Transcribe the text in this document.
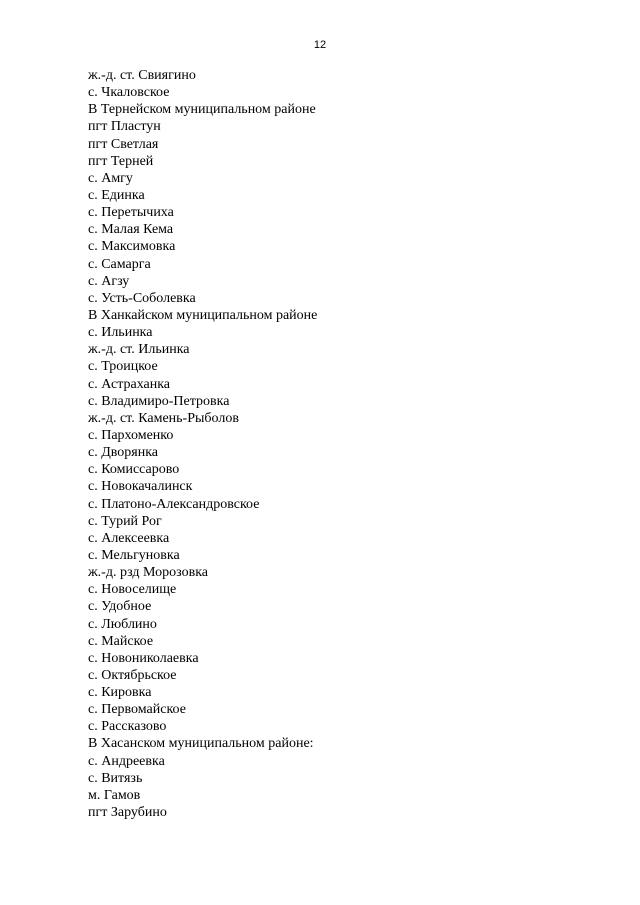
12
ж.-д. ст. Свиягино
с. Чкаловское
В Тернейском муниципальном районе
пгт Пластун
пгт Светлая
пгт Терней
с. Амгу
с. Единка
с. Перетычиха
с. Малая Кема
с. Максимовка
с. Самарга
с. Агзу
с. Усть-Соболевка
В Ханкайском муниципальном районе
с. Ильинка
ж.-д. ст. Ильинка
с. Троицкое
с. Астраханка
с. Владимиро-Петровка
ж.-д. ст. Камень-Рыболов
с. Пархоменко
с. Дворянка
с. Комиссарово
с. Новокачалинск
с. Платоно-Александровское
с. Турий Рог
с. Алексеевка
с. Мельгуновка
ж.-д. рзд Морозовка
с. Новоселище
с. Удобное
с. Люблино
с. Майское
с. Новониколаевка
с. Октябрьское
с. Кировка
с. Первомайское
с. Рассказово
В Хасанском муниципальном районе:
с. Андреевка
с. Витязь
м. Гамов
пгт Зарубино
